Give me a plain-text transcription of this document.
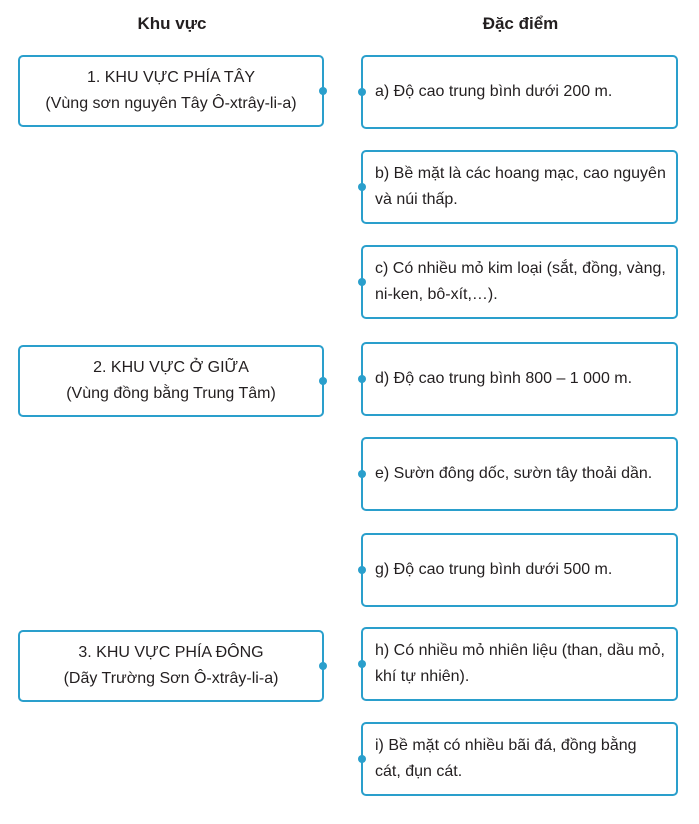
Khu vực	Đặc điểm
1. KHU VỰC PHÍA TÂY
(Vùng sơn nguyên Tây Ô-xtrây-li-a)
2. KHU VỰC Ở GIỮA
(Vùng đồng bằng Trung Tâm)
3. KHU VỰC PHÍA ĐÔNG
(Dãy Trường Sơn Ô-xtrây-li-a)
a) Độ cao trung bình dưới 200 m.
b) Bề mặt là các hoang mạc, cao nguyên và núi thấp.
c) Có nhiều mỏ kim loại (sắt, đồng, vàng, ni-ken, bô-xít,…).
d) Độ cao trung bình 800 – 1 000 m.
e) Sườn đông dốc, sườn tây thoải dần.
g) Độ cao trung bình dưới 500 m.
h) Có nhiều mỏ nhiên liệu (than, dầu mỏ, khí tự nhiên).
i) Bề mặt có nhiều bãi đá, đồng bằng cát, đụn cát.
